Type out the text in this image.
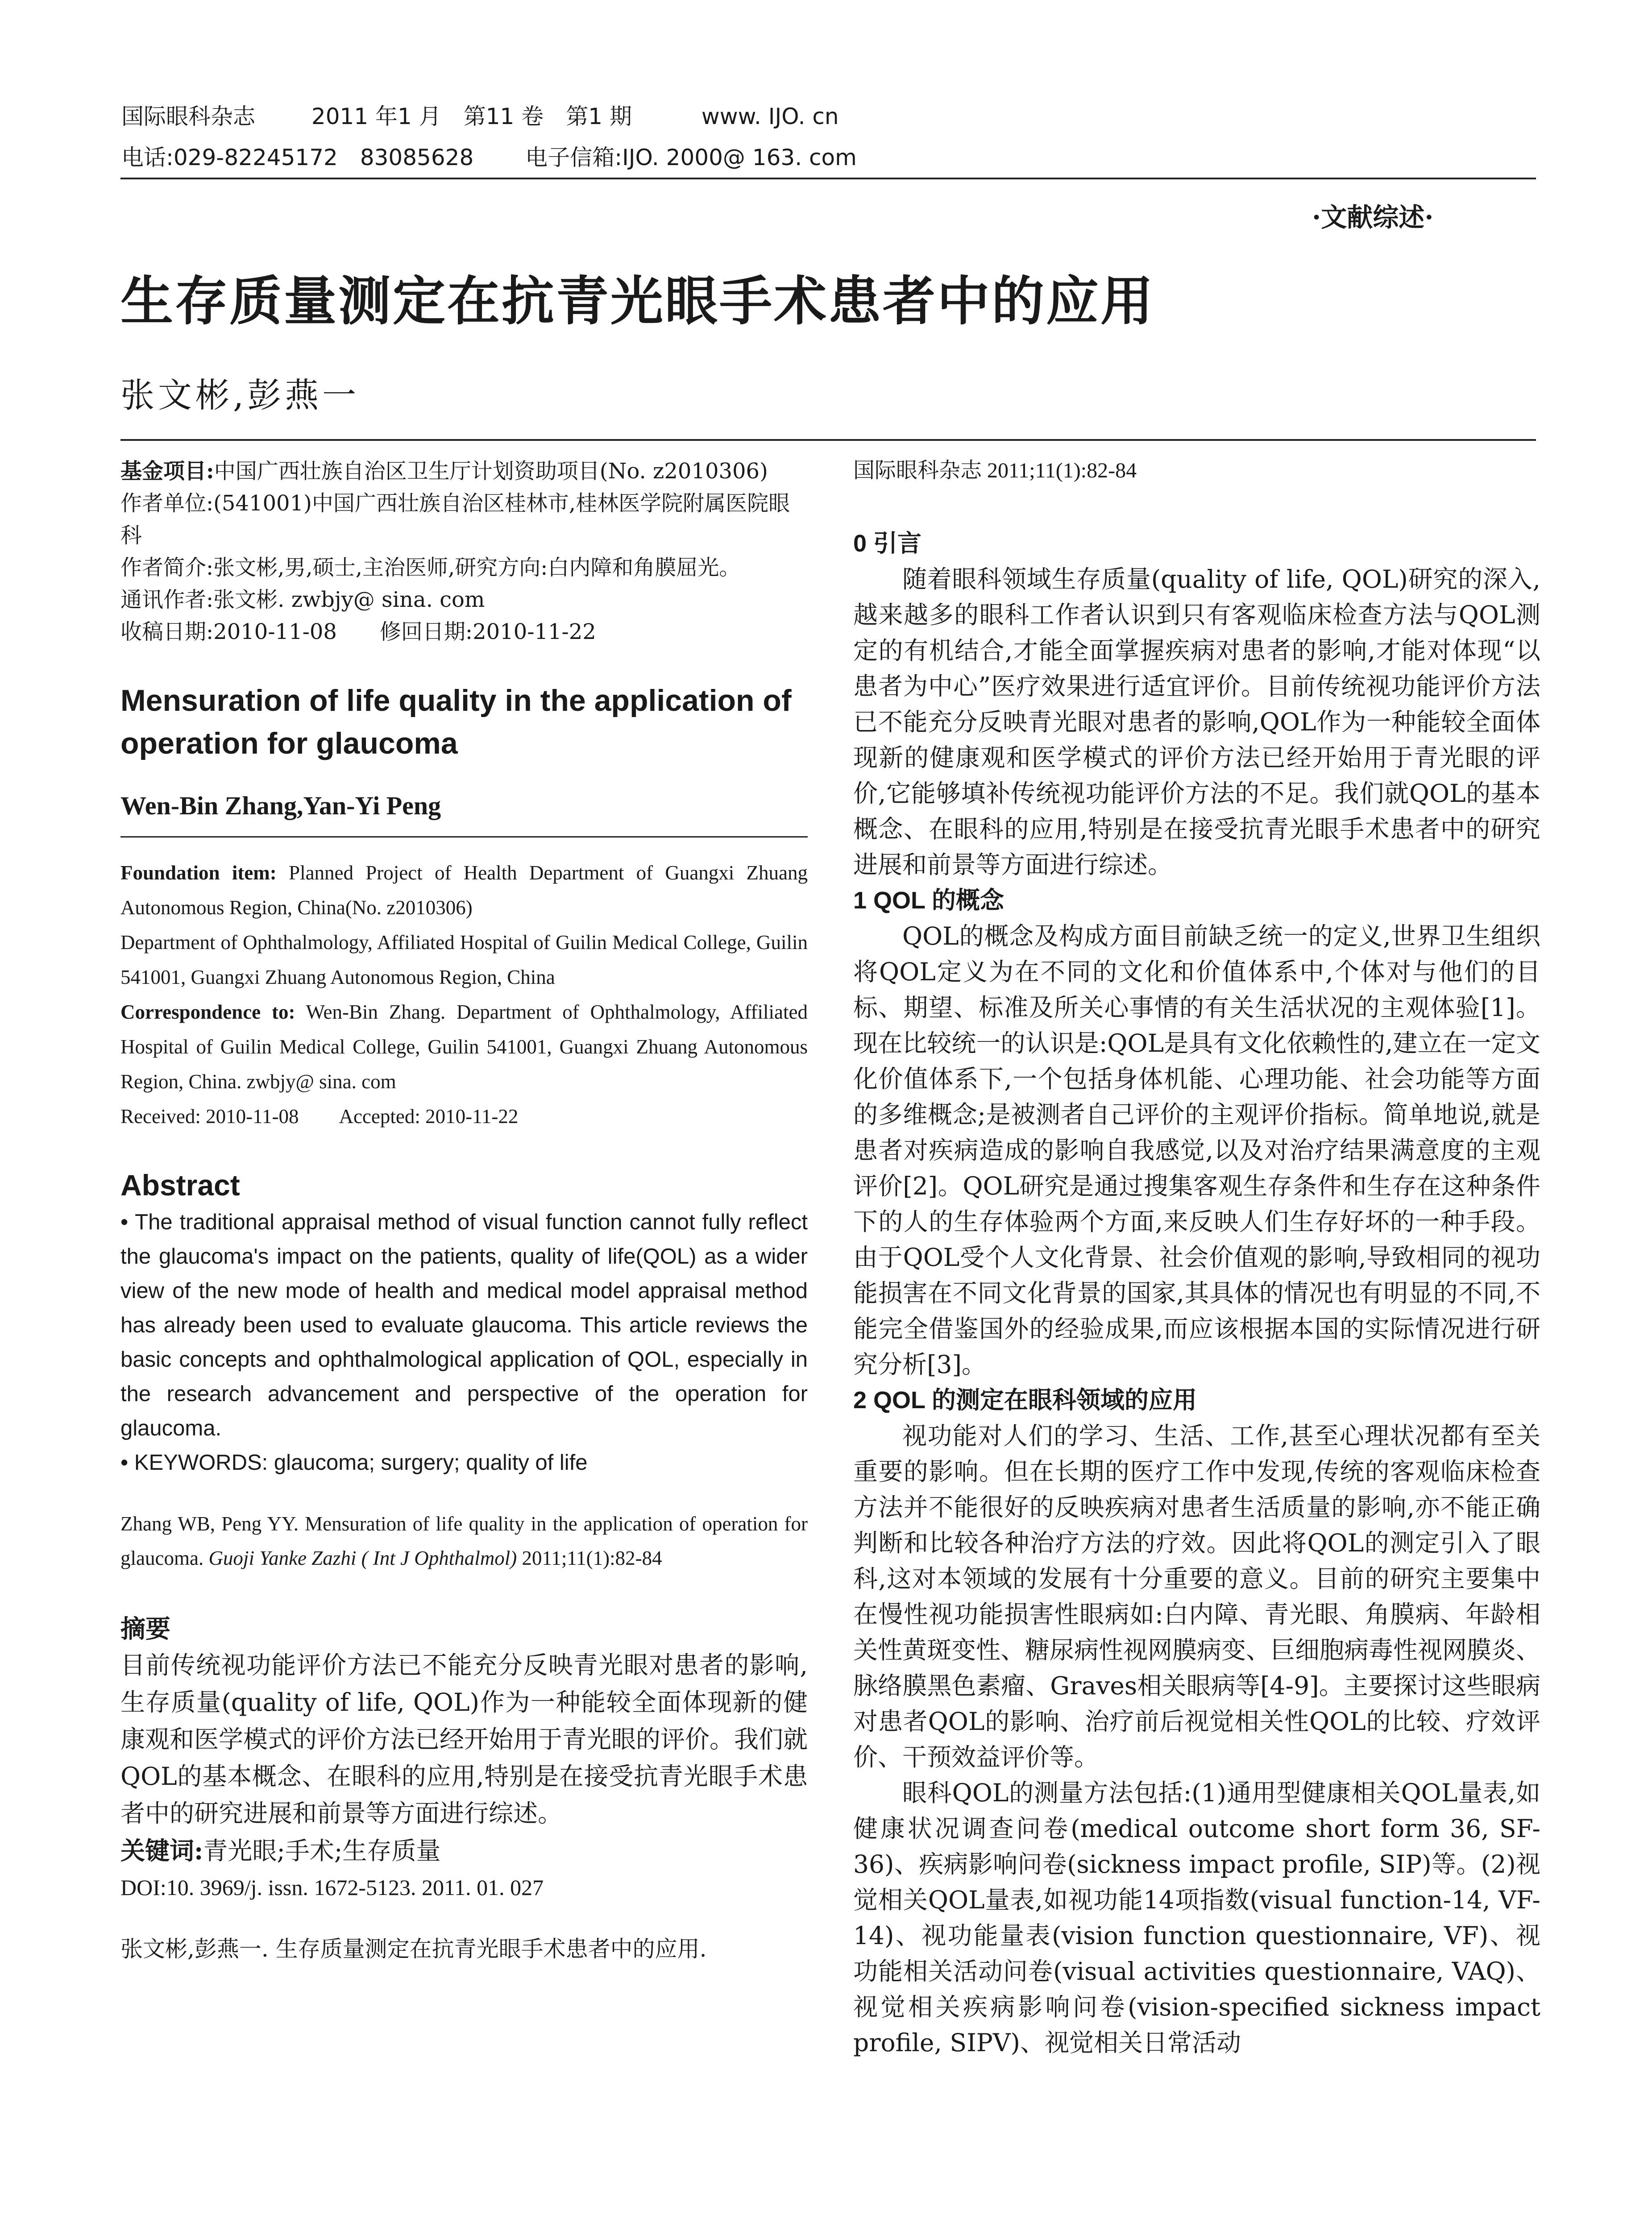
国际眼科杂志	2011 年1 月　第11 卷　第1 期	www. IJO. cn
电话:029-82245172　83085628 电子信箱:IJO. 2000@ 163. com
·文献综述·
生存质量测定在抗青光眼手术患者中的应用
张文彬,彭燕一

基金项目:中国广西壮族自治区卫生厅计划资助项目(No. z2010306)

作者单位:(541001)中国广西壮族自治区桂林市,桂林医学院附属医院眼科

作者简介:张文彬,男,硕士,主治医师,研究方向:白内障和角膜屈光。

通讯作者:张文彬. zwbjy@ sina. com

收稿日期:2010-11-08　　修回日期:2010-11-22

Mensuration of life quality in the application of operation for glaucoma
Wen-Bin Zhang,Yan-Yi Peng

Foundation item: Planned Project of Health Department of Guangxi Zhuang Autonomous Region, China(No. z2010306)

Department of Ophthalmology, Affiliated Hospital of Guilin Medical College, Guilin 541001, Guangxi Zhuang Autonomous Region, China

Correspondence to: Wen-Bin Zhang. Department of Ophthalmology, Affiliated Hospital of Guilin Medical College, Guilin 541001, Guangxi Zhuang Autonomous Region, China. zwbjy@ sina. com

Received: 2010-11-08　　Accepted: 2010-11-22

Abstract

• The traditional appraisal method of visual function cannot fully reflect the glaucoma's impact on the patients, quality of life(QOL) as a wider view of the new mode of health and medical model appraisal method has already been used to evaluate glaucoma. This article reviews the basic concepts and ophthalmological application of QOL, especially in the research advancement and perspective of the operation for glaucoma.

• KEYWORDS: glaucoma; surgery; quality of life

Zhang WB, Peng YY. Mensuration of life quality in the application of operation for glaucoma. Guoji Yanke Zazhi ( Int J Ophthalmol) 2011;11(1):82-84

摘要

目前传统视功能评价方法已不能充分反映青光眼对患者的影响,生存质量(quality of life, QOL)作为一种能较全面体现新的健康观和医学模式的评价方法已经开始用于青光眼的评价。我们就QOL的基本概念、在眼科的应用,特别是在接受抗青光眼手术患者中的研究进展和前景等方面进行综述。

关键词:青光眼;手术;生存质量

DOI:10. 3969/j. issn. 1672-5123. 2011. 01. 027

张文彬,彭燕一. 生存质量测定在抗青光眼手术患者中的应用.

国际眼科杂志 2011;11(1):82-84

0 引言

随着眼科领域生存质量(quality of life, QOL)研究的深入,越来越多的眼科工作者认识到只有客观临床检查方法与QOL测定的有机结合,才能全面掌握疾病对患者的影响,才能对体现“以患者为中心”医疗效果进行适宜评价。目前传统视功能评价方法已不能充分反映青光眼对患者的影响,QOL作为一种能较全面体现新的健康观和医学模式的评价方法已经开始用于青光眼的评价,它能够填补传统视功能评价方法的不足。我们就QOL的基本概念、在眼科的应用,特别是在接受抗青光眼手术患者中的研究进展和前景等方面进行综述。

1 QOL 的概念

QOL的概念及构成方面目前缺乏统一的定义,世界卫生组织将QOL定义为在不同的文化和价值体系中,个体对与他们的目标、期望、标准及所关心事情的有关生活状况的主观体验[1]。现在比较统一的认识是:QOL是具有文化依赖性的,建立在一定文化价值体系下,一个包括身体机能、心理功能、社会功能等方面的多维概念;是被测者自己评价的主观评价指标。简单地说,就是患者对疾病造成的影响自我感觉,以及对治疗结果满意度的主观评价[2]。QOL研究是通过搜集客观生存条件和生存在这种条件下的人的生存体验两个方面,来反映人们生存好坏的一种手段。由于QOL受个人文化背景、社会价值观的影响,导致相同的视功能损害在不同文化背景的国家,其具体的情况也有明显的不同,不能完全借鉴国外的经验成果,而应该根据本国的实际情况进行研究分析[3]。

2 QOL 的测定在眼科领域的应用

视功能对人们的学习、生活、工作,甚至心理状况都有至关重要的影响。但在长期的医疗工作中发现,传统的客观临床检查方法并不能很好的反映疾病对患者生活质量的影响,亦不能正确判断和比较各种治疗方法的疗效。因此将QOL的测定引入了眼科,这对本领域的发展有十分重要的意义。目前的研究主要集中在慢性视功能损害性眼病如:白内障、青光眼、角膜病、年龄相关性黄斑变性、糖尿病性视网膜病变、巨细胞病毒性视网膜炎、脉络膜黑色素瘤、Graves相关眼病等[4-9]。主要探讨这些眼病对患者QOL的影响、治疗前后视觉相关性QOL的比较、疗效评价、干预效益评价等。

眼科QOL的测量方法包括:(1)通用型健康相关QOL量表,如健康状况调查问卷(medical outcome short form 36, SF-36)、疾病影响问卷(sickness impact profile, SIP)等。(2)视觉相关QOL量表,如视功能14项指数(visual function-14, VF-14)、视功能量表(vision function questionnaire, VF)、视功能相关活动问卷(visual activities questionnaire, VAQ)、视觉相关疾病影响问卷(vision-specified sickness impact profile, SIPV)、视觉相关日常活动
